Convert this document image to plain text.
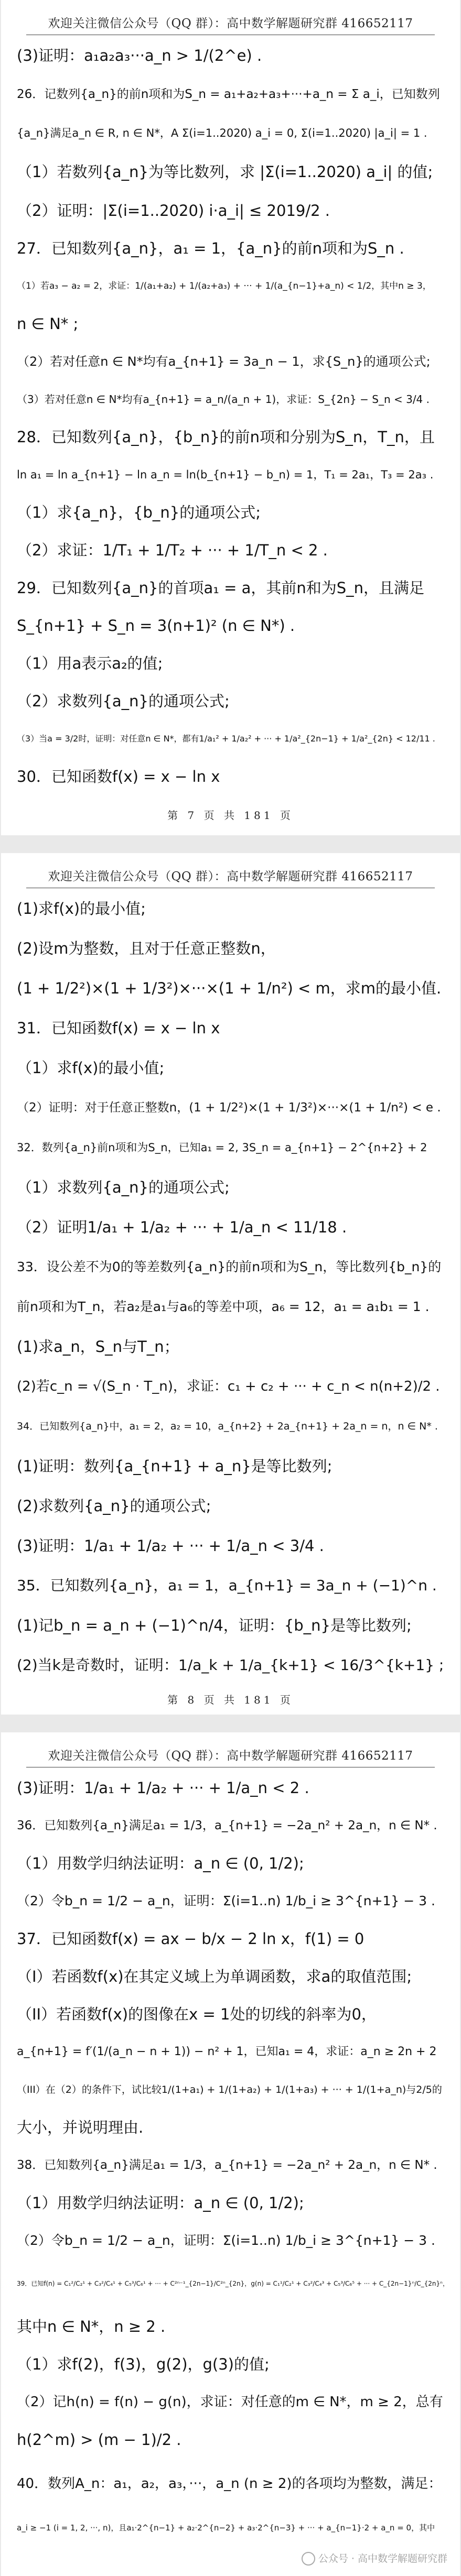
欢迎关注微信公众号（QQ 群）：高中数学解题研究群 416652117
(3)证明：a₁a₂a₃···a_n > 1/(2^e) .
26．记数列{a_n}的前n项和为S_n = a₁+a₂+a₃+···+a_n = Σ a_i，已知数列
{a_n}满足a_n ∈ R, n ∈ N*，A Σ(i=1..2020) a_i = 0, Σ(i=1..2020) |a_i| = 1 .
（1）若数列{a_n}为等比数列，求 |Σ(i=1..2020) a_i| 的值;
（2）证明：|Σ(i=1..2020) i·a_i| ≤ 2019/2 .
27．已知数列{a_n}，a₁ = 1，{a_n}的前n项和为S_n .
（1）若a₃ − a₂ = 2，求证：1/(a₁+a₂) + 1/(a₂+a₃) + ··· + 1/(a_{n−1}+a_n) < 1/2，其中n ≥ 3，
n ∈ N* ;
（2）若对任意n ∈ N*均有a_{n+1} = 3a_n − 1，求{S_n}的通项公式;
（3）若对任意n ∈ N*均有a_{n+1} = a_n/(a_n + 1)，求证：S_{2n} − S_n < 3/4 .
28．已知数列{a_n}，{b_n}的前n项和分别为S_n，T_n，且
ln a₁ = ln a_{n+1} − ln a_n = ln(b_{n+1} − b_n) = 1，T₁ = 2a₁，T₃ = 2a₃ .
（1）求{a_n}，{b_n}的通项公式;
（2）求证：1/T₁ + 1/T₂ + ··· + 1/T_n < 2 .
29．已知数列{a_n}的首项a₁ = a，其前n和为S_n，且满足
S_{n+1} + S_n = 3(n+1)² (n ∈ N*) .
（1）用a表示a₂的值;
（2）求数列{a_n}的通项公式;
（3）当a = 3/2时，证明：对任意n ∈ N*，都有1/a₁² + 1/a₂² + ··· + 1/a²_{2n−1} + 1/a²_{2n} < 12/11 .
30．已知函数f(x) = x − ln x
第 7 页 共 181 页
欢迎关注微信公众号（QQ 群）：高中数学解题研究群 416652117
(1)求f(x)的最小值;
(2)设m为整数，且对于任意正整数n，
(1 + 1/2²)×(1 + 1/3²)×···×(1 + 1/n²) < m，求m的最小值.
31．已知函数f(x) = x − ln x
（1）求f(x)的最小值;
（2）证明：对于任意正整数n，(1 + 1/2²)×(1 + 1/3²)×···×(1 + 1/n²) < e .
32．数列{a_n}前n项和为S_n，已知a₁ = 2, 3S_n = a_{n+1} − 2^{n+2} + 2
（1）求数列{a_n}的通项公式;
（2）证明1/a₁ + 1/a₂ + ··· + 1/a_n < 11/18 .
33．设公差不为0的等差数列{a_n}的前n项和为S_n，等比数列{b_n}的
前n项和为T_n，若a₂是a₁与a₆的等差中项，a₆ = 12，a₁ = a₁b₁ = 1 .
(1)求a_n，S_n与T_n；
(2)若c_n = √(S_n · T_n)，求证：c₁ + c₂ + ··· + c_n < n(n+2)/2 .
34．已知数列{a_n}中，a₁ = 2，a₂ = 10，a_{n+2} + 2a_{n+1} + 2a_n = n，n ∈ N* .
(1)证明：数列{a_{n+1} + a_n}是等比数列;
(2)求数列{a_n}的通项公式;
(3)证明：1/a₁ + 1/a₂ + ··· + 1/a_n < 3/4 .
35．已知数列{a_n}，a₁ = 1，a_{n+1} = 3a_n + (−1)^n .
(1)记b_n = a_n + (−1)^n/4，证明：{b_n}是等比数列;
(2)当k是奇数时，证明：1/a_k + 1/a_{k+1} < 16/3^{k+1} ;
第 8 页 共 181 页
欢迎关注微信公众号（QQ 群）：高中数学解题研究群 416652117
(3)证明：1/a₁ + 1/a₂ + ··· + 1/a_n < 2 .
36．已知数列{a_n}满足a₁ = 1/3，a_{n+1} = −2a_n² + 2a_n，n ∈ N* .
（1）用数学归纳法证明：a_n ∈ (0, 1/2);
（2）令b_n = 1/2 − a_n，证明：Σ(i=1..n) 1/b_i ≥ 3^{n+1} − 3 .
37．已知函数f(x) = ax − b/x − 2 ln x，f(1) = 0
（I）若函数f(x)在其定义域上为单调函数，求a的取值范围;
（II）若函数f(x)的图像在x = 1处的切线的斜率为0，
a_{n+1} = f′(1/(a_n − n + 1)) − n² + 1，已知a₁ = 4，求证：a_n ≥ 2n + 2
（III）在（2）的条件下，试比较1/(1+a₁) + 1/(1+a₂) + 1/(1+a₃) + ··· + 1/(1+a_n)与2/5的
大小，并说明理由.
38．已知数列{a_n}满足a₁ = 1/3，a_{n+1} = −2a_n² + 2a_n，n ∈ N* .
（1）用数学归纳法证明：a_n ∈ (0, 1/2);
（2）令b_n = 1/2 − a_n，证明：Σ(i=1..n) 1/b_i ≥ 3^{n+1} − 3 .
39．已知f(n) = C₁²/C₂¹ + C₃²/C₄¹ + C₅³/C₆¹ + ··· + C²ⁿ⁻¹_{2n−1}/C²ⁿ_{2n}，g(n) = C₁¹/C₂¹ + C₃²/C₄³ + C₅³/C₆⁵ + ··· + C_{2n−1}ⁿ/C_{2n}ⁿ，
其中n ∈ N*，n ≥ 2 .
（1）求f(2)，f(3)，g(2)，g(3)的值;
（2）记h(n) = f(n) − g(n)，求证：对任意的m ∈ N*，m ≥ 2，总有
h(2^m) > (m − 1)/2 .
40．数列A_n：a₁，a₂，a₃，···，a_n (n ≥ 2)的各项均为整数，满足：
a_i ≥ −1 (i = 1, 2, ···, n)，且a₁·2^{n−1} + a₂·2^{n−2} + a₃·2^{n−3} + ··· + a_{n−1}·2 + a_n = 0，其中
公众号 · 高中数学解题研究群
